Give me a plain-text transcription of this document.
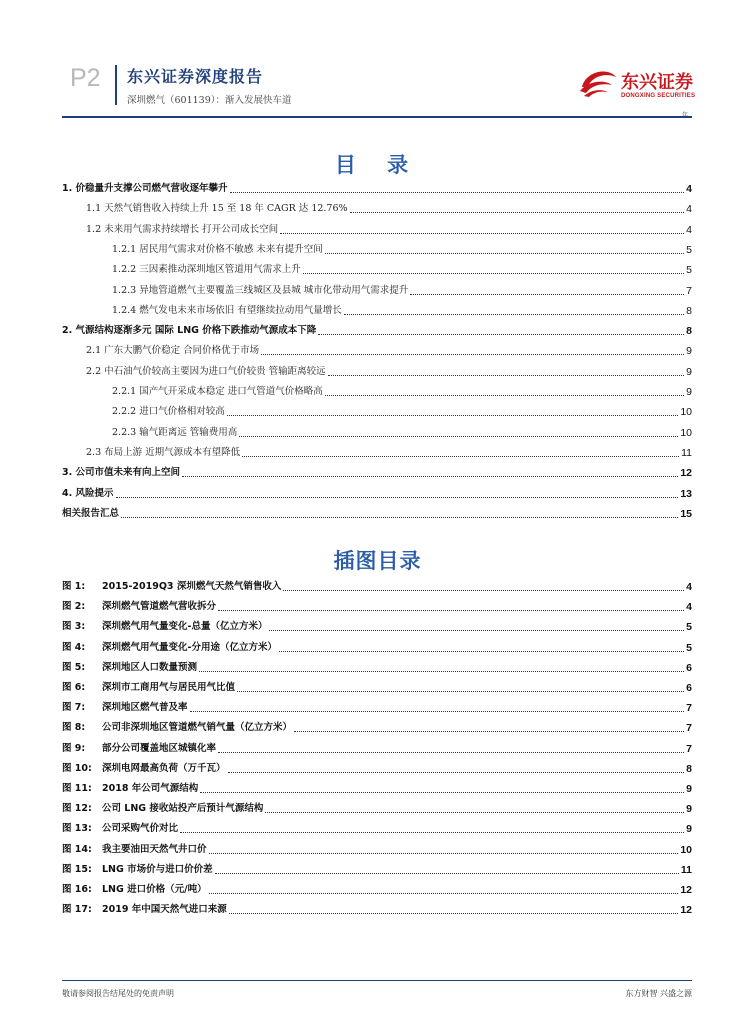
P2 东兴证券深度报告
深圳燃气（601139）：渐入发展快车道
东兴证券
DONGXING SECURITIES
目 录
1. 价稳量升支撑公司燃气营收逐年攀升	4
1.1 天然气销售收入持续上升 15 至 18 年 CAGR 达 12.76%	4
1.2 未来用气需求持续增长 打开公司成长空间	4
1.2.1 居民用气需求对价格不敏感 未来有提升空间	5
1.2.2 三因素推动深圳地区管道用气需求上升	5
1.2.3 异地管道燃气主要覆盖三线城区及县城 城市化带动用气需求提升	7
1.2.4 燃气发电未来市场依旧 有望继续拉动用气量增长	8
2. 气源结构逐渐多元 国际 LNG 价格下跌推动气源成本下降	8
2.1 广东大鹏气价稳定 合同价格优于市场	9
2.2 中石油气价较高主要因为进口气价较贵 管输距离较远	9
2.2.1 国产气开采成本稳定 进口气管道气价格略高	9
2.2.2 进口气价格相对较高	10
2.2.3 输气距离远 管输费用高	10
2.3 布局上游 近期气源成本有望降低	11
3. 公司市值未来有向上空间	12
4. 风险提示	13
相关报告汇总	15
插图目录
图 1: 2015-2019Q3 深圳燃气天然气销售收入	4
图 2: 深圳燃气管道燃气营收拆分	4
图 3: 深圳燃气用气量变化-总量（亿立方米）	5
图 4: 深圳燃气用气量变化-分用途（亿立方米）	5
图 5: 深圳地区人口数量预测	6
图 6: 深圳市工商用气与居民用气比值	6
图 7: 深圳地区燃气普及率	7
图 8: 公司非深圳地区管道燃气销气量（亿立方米）	7
图 9: 部分公司覆盖地区城镇化率	7
图 10: 深圳电网最高负荷（万千瓦）	8
图 11: 2018 年公司气源结构	9
图 12: 公司 LNG 接收站投产后预计气源结构	9
图 13: 公司采购气价对比	9
图 14: 我主要油田天然气井口价	10
图 15: LNG 市场价与进口价价差	11
图 16: LNG 进口价格（元/吨）	12
图 17: 2019 年中国天然气进口来源	12
敬请参阅报告结尾处的免责声明	东方财智 兴盛之源
